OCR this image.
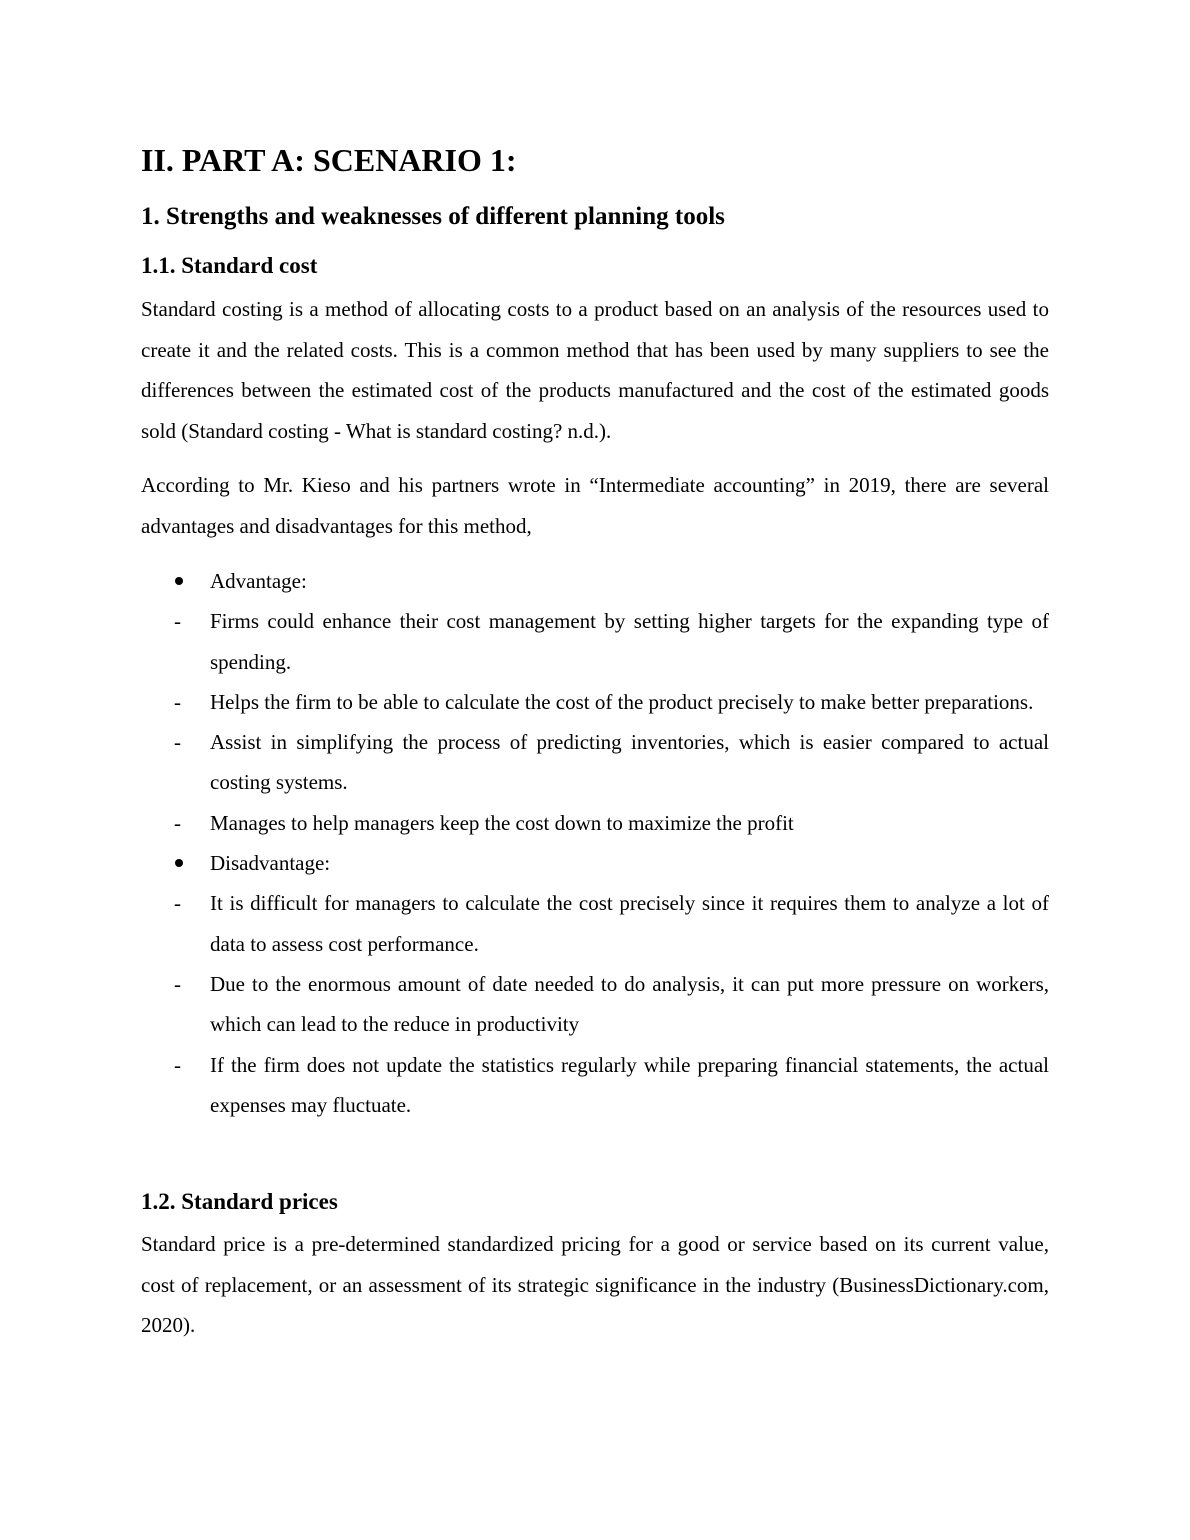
II. PART A: SCENARIO 1:
1. Strengths and weaknesses of different planning tools
1.1. Standard cost

Standard costing is a method of allocating costs to a product based on an analysis of the resources used to create it and the related costs. This is a common method that has been used by many suppliers to see the differences between the estimated cost of the products manufactured and the cost of the estimated goods sold (Standard costing - What is standard costing? n.d.).

According to Mr. Kieso and his partners wrote in “Intermediate accounting” in 2019, there are several advantages and disadvantages for this method,

Advantage:
-
Firms could enhance their cost management by setting higher targets for the expanding type of spending.
-
Helps the firm to be able to calculate the cost of the product precisely to make better preparations.
-
Assist in simplifying the process of predicting inventories, which is easier compared to actual costing systems.
-
Manages to help managers keep the cost down to maximize the profit
Disadvantage:
-
It is difficult for managers to calculate the cost precisely since it requires them to analyze a lot of data to assess cost performance.
-
Due to the enormous amount of date needed to do analysis, it can put more pressure on workers, which can lead to the reduce in productivity
-
If the firm does not update the statistics regularly while preparing financial statements, the actual expenses may fluctuate.
1.2. Standard prices

Standard price is a pre-determined standardized pricing for a good or service based on its current value, cost of replacement, or an assessment of its strategic significance in the industry (BusinessDictionary.com, 2020).
